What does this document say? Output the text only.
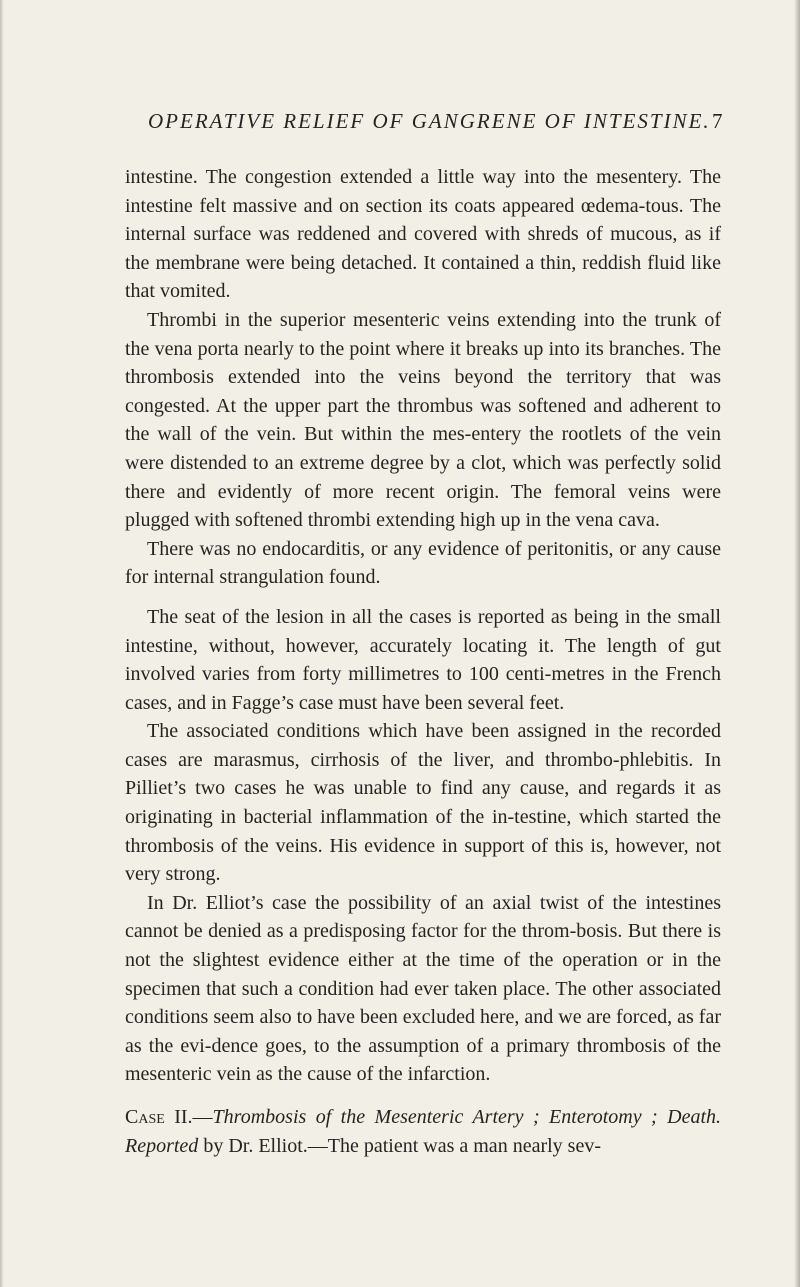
OPERATIVE RELIEF OF GANGRENE OF INTESTINE. 7

intestine. The congestion extended a little way into the mesentery. The intestine felt massive and on section its coats appeared œdema-tous. The internal surface was reddened and covered with shreds of mucous, as if the membrane were being detached. It contained a thin, reddish fluid like that vomited.

Thrombi in the superior mesenteric veins extending into the trunk of the vena porta nearly to the point where it breaks up into its branches. The thrombosis extended into the veins beyond the territory that was congested. At the upper part the thrombus was softened and adherent to the wall of the vein. But within the mes-entery the rootlets of the vein were distended to an extreme degree by a clot, which was perfectly solid there and evidently of more recent origin. The femoral veins were plugged with softened thrombi extending high up in the vena cava.

There was no endocarditis, or any evidence of peritonitis, or any cause for internal strangulation found.

The seat of the lesion in all the cases is reported as being in the small intestine, without, however, accurately locating it. The length of gut involved varies from forty millimetres to 100 centi-metres in the French cases, and in Fagge’s case must have been several feet.

The associated conditions which have been assigned in the recorded cases are marasmus, cirrhosis of the liver, and thrombo-phlebitis. In Pilliet’s two cases he was unable to find any cause, and regards it as originating in bacterial inflammation of the in-testine, which started the thrombosis of the veins. His evidence in support of this is, however, not very strong.

In Dr. Elliot’s case the possibility of an axial twist of the intestines cannot be denied as a predisposing factor for the throm-bosis. But there is not the slightest evidence either at the time of the operation or in the specimen that such a condition had ever taken place. The other associated conditions seem also to have been excluded here, and we are forced, as far as the evi-dence goes, to the assumption of a primary thrombosis of the mesenteric vein as the cause of the infarction.

Case II.—Thrombosis of the Mesenteric Artery ; Enterotomy ; Death. Reported by Dr. Elliot.—The patient was a man nearly sev-
